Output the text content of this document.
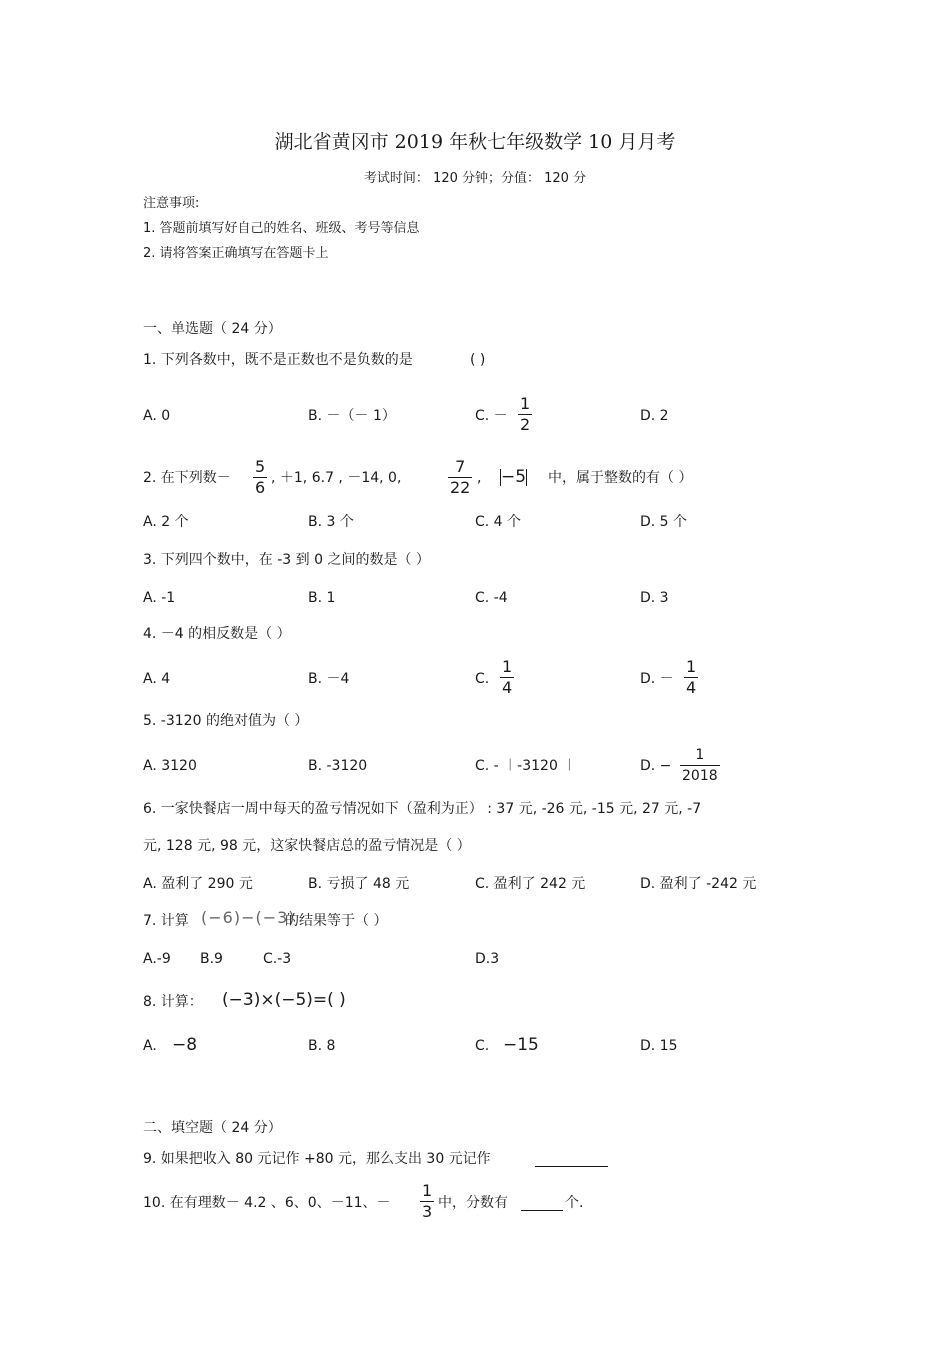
湖北省黄冈市 2019 年秋七年级数学 10 月月考
考试时间： 120 分钟；分值： 120 分
注意事项:
1. 答题前填写好自己的姓名、班级、考号等信息
2. 请将答案正确填写在答题卡上
一、单选题（ 24 分）
1. 下列各数中，既不是正数也不是负数的是	( )
A. 0	B. －（－ 1）	C. －
1
2	D. 2
2. 在下列数－
5
6 , ＋1, 6.7 , －14, 0,
7
22 , −5 中，属于整数的有（ ）
A. 2 个	B. 3 个	C. 4 个	D. 5 个
3. 下列四个数中，在 -3 到 0 之间的数是（ ）
A. -1	B. 1	C. -4	D. 3
4. －4 的相反数是（ ）
A. 4	B. －4	C.
1
4	D. －
1
4
5. -3120 的绝对值为（ ）
A. 3120	B. -3120	C. - ︱-3120 ︱	D. −
1
2018
6. 一家快餐店一周中每天的盈亏情况如下（盈利为正） : 37 元, -26 元, -15 元, 27 元, -7
元, 128 元, 98 元，这家快餐店总的盈亏情况是（ ）
A. 盈利了 290 元	B. 亏损了 48 元	C. 盈利了 242 元	D. 盈利了 -242 元
7. 计算 (−6)−(−3)
的结果等于（ ）
A.-9 B.9	C.-3	D.3
8. 计算： (−3)×(−5)=( )
A. −8	B. 8	C. −15	D. 15
二、填空题（ 24 分）
9. 如果把收入 80 元记作 +80 元，那么支出 30 元记作
10. 在有理数－ 4.2 、6、0、－11、－
1
3 中，分数有	个.
